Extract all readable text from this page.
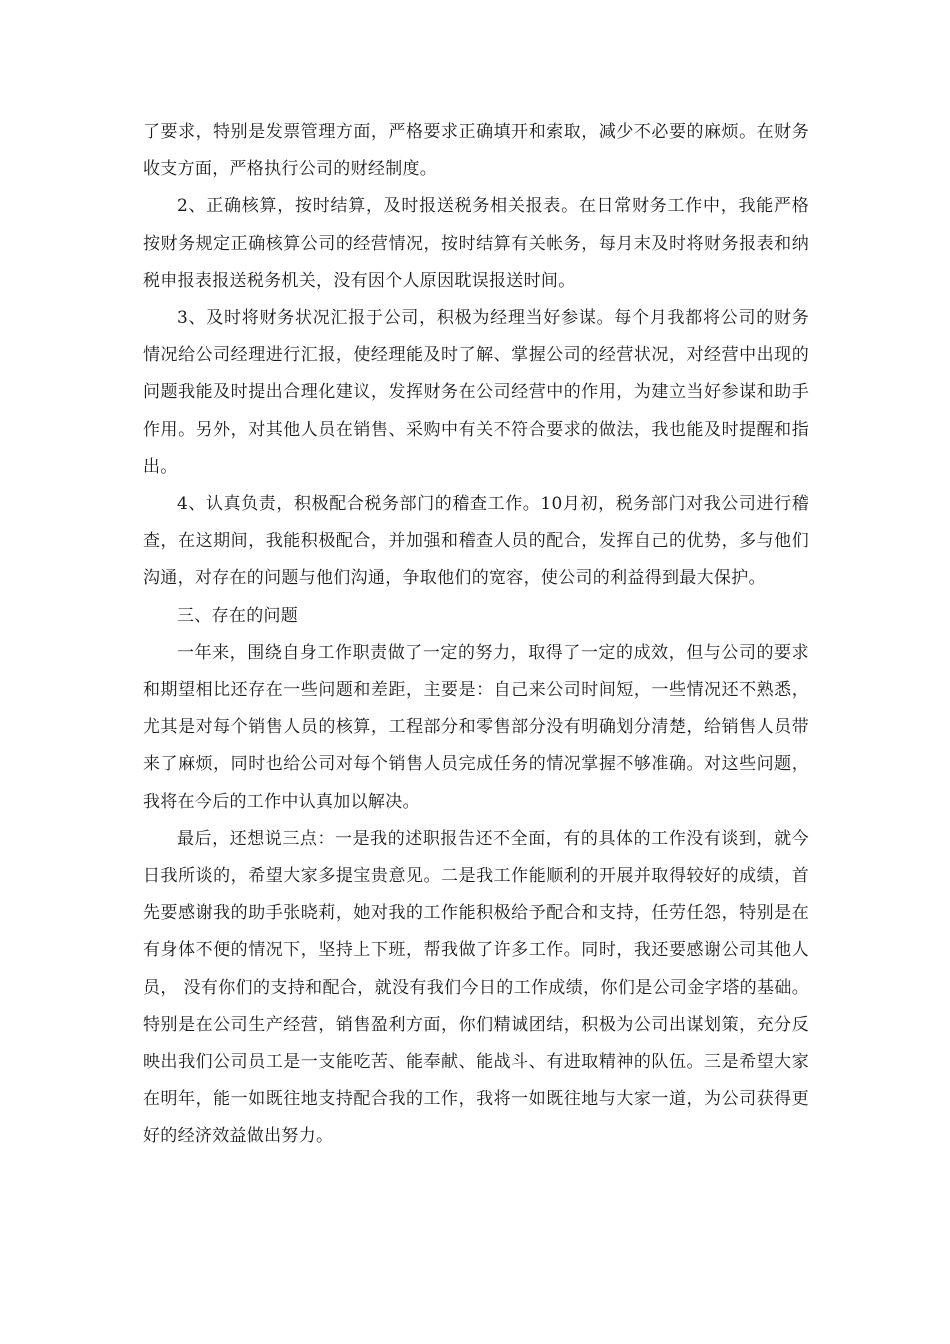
了要求，特别是发票管理方面，严格要求正确填开和索取，减少不必要的麻烦。在财务收支方面，严格执行公司的财经制度。

2、正确核算，按时结算，及时报送税务相关报表。在日常财务工作中，我能严格按财务规定正确核算公司的经营情况，按时结算有关帐务，每月末及时将财务报表和纳税申报表报送税务机关，没有因个人原因耽误报送时间。

3、及时将财务状况汇报于公司，积极为经理当好参谋。每个月我都将公司的财务情况给公司经理进行汇报，使经理能及时了解、掌握公司的经营状况，对经营中出现的问题我能及时提出合理化建议，发挥财务在公司经营中的作用，为建立当好参谋和助手作用。另外，对其他人员在销售、采购中有关不符合要求的做法，我也能及时提醒和指出。

4、认真负责，积极配合税务部门的稽查工作。10月初，税务部门对我公司进行稽查，在这期间，我能积极配合，并加强和稽查人员的配合，发挥自己的优势，多与他们沟通，对存在的问题与他们沟通，争取他们的宽容，使公司的利益得到最大保护。

三、存在的问题

一年来，围绕自身工作职责做了一定的努力，取得了一定的成效，但与公司的要求和期望相比还存在一些问题和差距，主要是：自己来公司时间短，一些情况还不熟悉，尤其是对每个销售人员的核算，工程部分和零售部分没有明确划分清楚，给销售人员带来了麻烦，同时也给公司对每个销售人员完成任务的情况掌握不够准确。对这些问题，我将在今后的工作中认真加以解决。

最后，还想说三点：一是我的述职报告还不全面，有的具体的工作没有谈到，就今日我所谈的，希望大家多提宝贵意见。二是我工作能顺利的开展并取得较好的成绩，首先要感谢我的助手张晓莉，她对我的工作能积极给予配合和支持，任劳任怨，特别是在有身体不便的情况下，坚持上下班，帮我做了许多工作。同时，我还要感谢公司其他人员， 没有你们的支持和配合，就没有我们今日的工作成绩，你们是公司金字塔的基础。特别是在公司生产经营，销售盈利方面，你们精诚团结，积极为公司出谋划策，充分反映出我们公司员工是一支能吃苦、能奉献、能战斗、有进取精神的队伍。三是希望大家在明年，能一如既往地支持配合我的工作，我将一如既往地与大家一道，为公司获得更好的经济效益做出努力。
